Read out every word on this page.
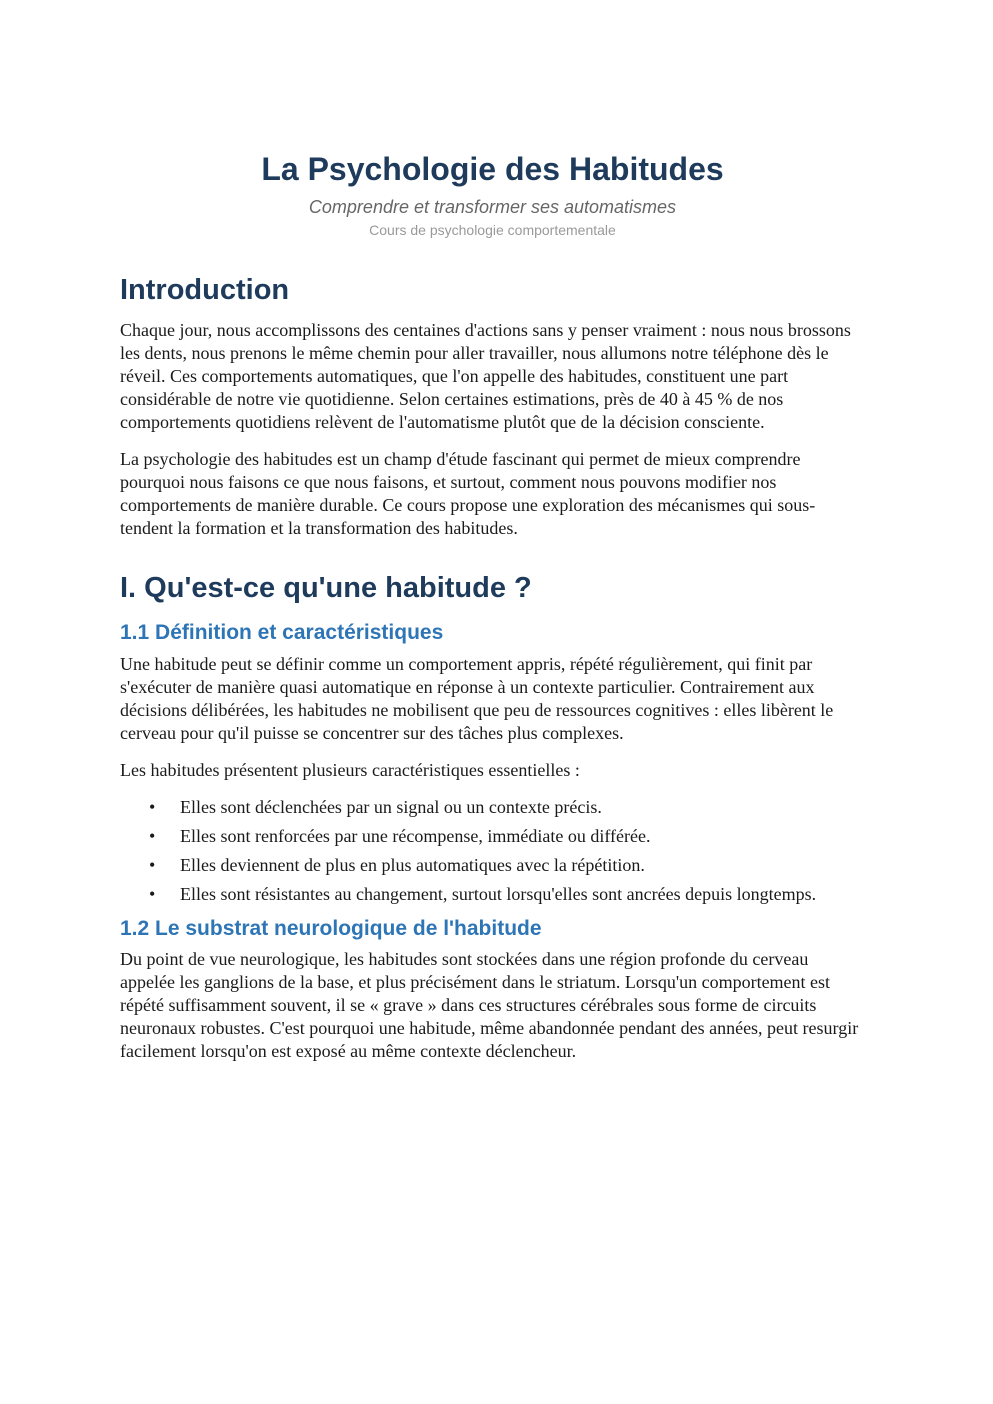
La Psychologie des Habitudes
Comprendre et transformer ses automatismes
Cours de psychologie comportementale
Introduction

Chaque jour, nous accomplissons des centaines d'actions sans y penser vraiment : nous nous brossons les dents, nous prenons le même chemin pour aller travailler, nous allumons notre téléphone dès le réveil. Ces comportements automatiques, que l'on appelle des habitudes, constituent une part considérable de notre vie quotidienne. Selon certaines estimations, près de 40 à 45 % de nos comportements quotidiens relèvent de l'automatisme plutôt que de la décision consciente.

La psychologie des habitudes est un champ d'étude fascinant qui permet de mieux comprendre pourquoi nous faisons ce que nous faisons, et surtout, comment nous pouvons modifier nos comportements de manière durable. Ce cours propose une exploration des mécanismes qui sous-tendent la formation et la transformation des habitudes.

I. Qu'est-ce qu'une habitude ?
1.1 Définition et caractéristiques

Une habitude peut se définir comme un comportement appris, répété régulièrement, qui finit par s'exécuter de manière quasi automatique en réponse à un contexte particulier. Contrairement aux décisions délibérées, les habitudes ne mobilisent que peu de ressources cognitives : elles libèrent le cerveau pour qu'il puisse se concentrer sur des tâches plus complexes.

Les habitudes présentent plusieurs caractéristiques essentielles :

• Elles sont déclenchées par un signal ou un contexte précis.
• Elles sont renforcées par une récompense, immédiate ou différée.
• Elles deviennent de plus en plus automatiques avec la répétition.
• Elles sont résistantes au changement, surtout lorsqu'elles sont ancrées depuis longtemps.
1.2 Le substrat neurologique de l'habitude

Du point de vue neurologique, les habitudes sont stockées dans une région profonde du cerveau appelée les ganglions de la base, et plus précisément dans le striatum. Lorsqu'un comportement est répété suffisamment souvent, il se « grave » dans ces structures cérébrales sous forme de circuits neuronaux robustes. C'est pourquoi une habitude, même abandonnée pendant des années, peut resurgir facilement lorsqu'on est exposé au même contexte déclencheur.
